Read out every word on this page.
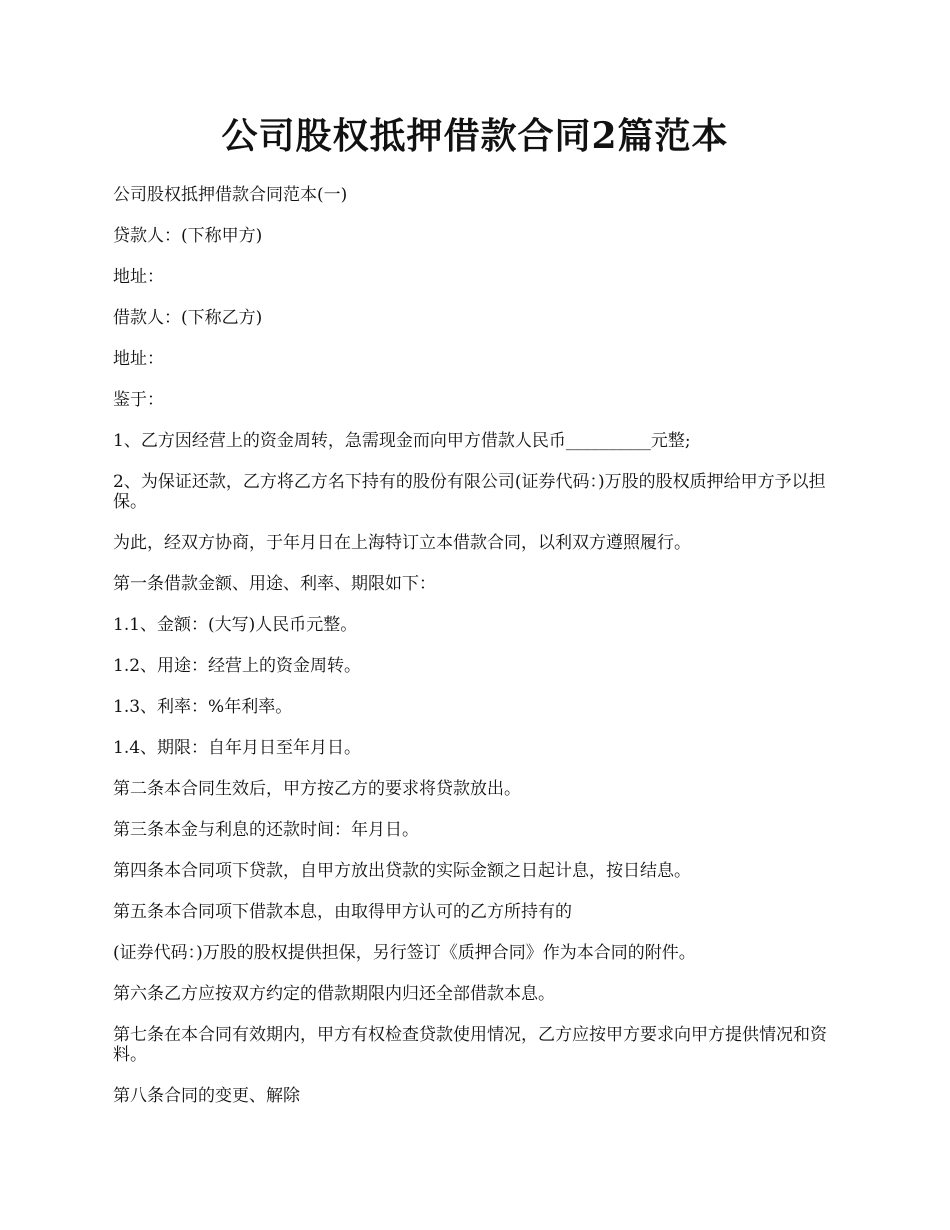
公司股权抵押借款合同2篇范本

公司股权抵押借款合同范本(一)

贷款人：(下称甲方)

地址：

借款人：(下称乙方)

地址：

鉴于：

1、乙方因经营上的资金周转，急需现金而向甲方借款人民币__________元整;

2、为保证还款，乙方将乙方名下持有的股份有限公司(证券代码：)万股的股权质押给甲方予以担保。

为此，经双方协商，于年月日在上海特订立本借款合同，以利双方遵照履行。

第一条借款金额、用途、利率、期限如下：

1.1、金额：(大写)人民币元整。

1.2、用途：经营上的资金周转。

1.3、利率：%年利率。

1.4、期限：自年月日至年月日。

第二条本合同生效后，甲方按乙方的要求将贷款放出。

第三条本金与利息的还款时间：年月日。

第四条本合同项下贷款，自甲方放出贷款的实际金额之日起计息，按日结息。

第五条本合同项下借款本息，由取得甲方认可的乙方所持有的

(证券代码：)万股的股权提供担保，另行签订《质押合同》作为本合同的附件。

第六条乙方应按双方约定的借款期限内归还全部借款本息。

第七条在本合同有效期内，甲方有权检查贷款使用情况，乙方应按甲方要求向甲方提供情况和资料。

第八条合同的变更、解除
